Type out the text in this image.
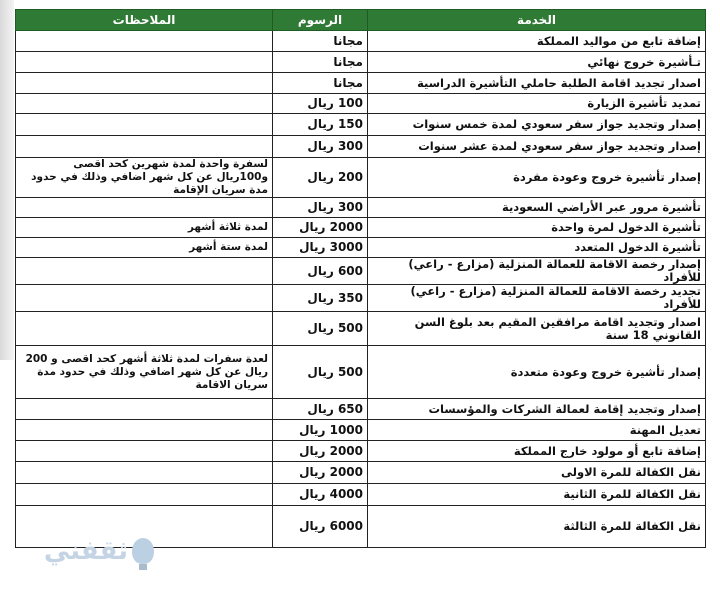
الخدمة	الرسوم	الملاحظات
إضافة تابع من مواليد المملكة	مجانا	
تـأشيرة خروج نهائي	مجانا	
اصدار تجديد اقامة الطلبة حاملي التأشيرة الدراسية	مجانا	
تمديد تأشيرة الزيارة	100 ريال	
إصدار وتجديد جواز سفر سعودي لمدة خمس سنوات	150 ريال	
إصدار وتجديد جواز سفر سعودي لمدة عشر سنوات	300 ريال	
إصدار تأشيرة خروج وعودة مفردة	200 ريال	لسفرة واحدة لمدة شهرين كحد اقصى و100ريال عن كل شهر اضافي وذلك في حدود مدة سريان الإقامة
تأشيرة مرور عبر الأراضي السعودية	300 ريال	
تأشيرة الدخول لمرة واحدة	2000 ريال	لمدة ثلاثة أشهر
تأشيرة الدخول المتعدد	3000 ريال	لمدة ستة أشهر
إصدار رخصة الاقامة للعمالة المنزلية (مزارع - راعي) للأفراد	600 ريال	
تجديد رخصة الاقامة للعمالة المنزلية (مزارع - راعي) للأفراد	350 ريال	
اصدار وتجديد اقامة مرافقين المقيم بعد بلوغ السن القانوني 18 سنة	500 ريال	
إصدار تأشيرة خروج وعودة متعددة	500 ريال	لعدة سفرات لمدة ثلاثة أشهر كحد اقصى و 200 ريال عن كل شهر اضافي وذلك في حدود مدة سريان الاقامة
إصدار وتجديد إقامة لعمالة الشركات والمؤسسات	650 ريال	
تعديل المهنة	1000 ريال	
إضافة تابع أو مولود خارج المملكة	2000 ريال	
نقل الكفالة للمرة الاولى	2000 ريال	
نقل الكفالة للمرة الثانية	4000 ريال	
نقل الكفالة للمرة الثالثة	6000 ريال	
ثقفني
